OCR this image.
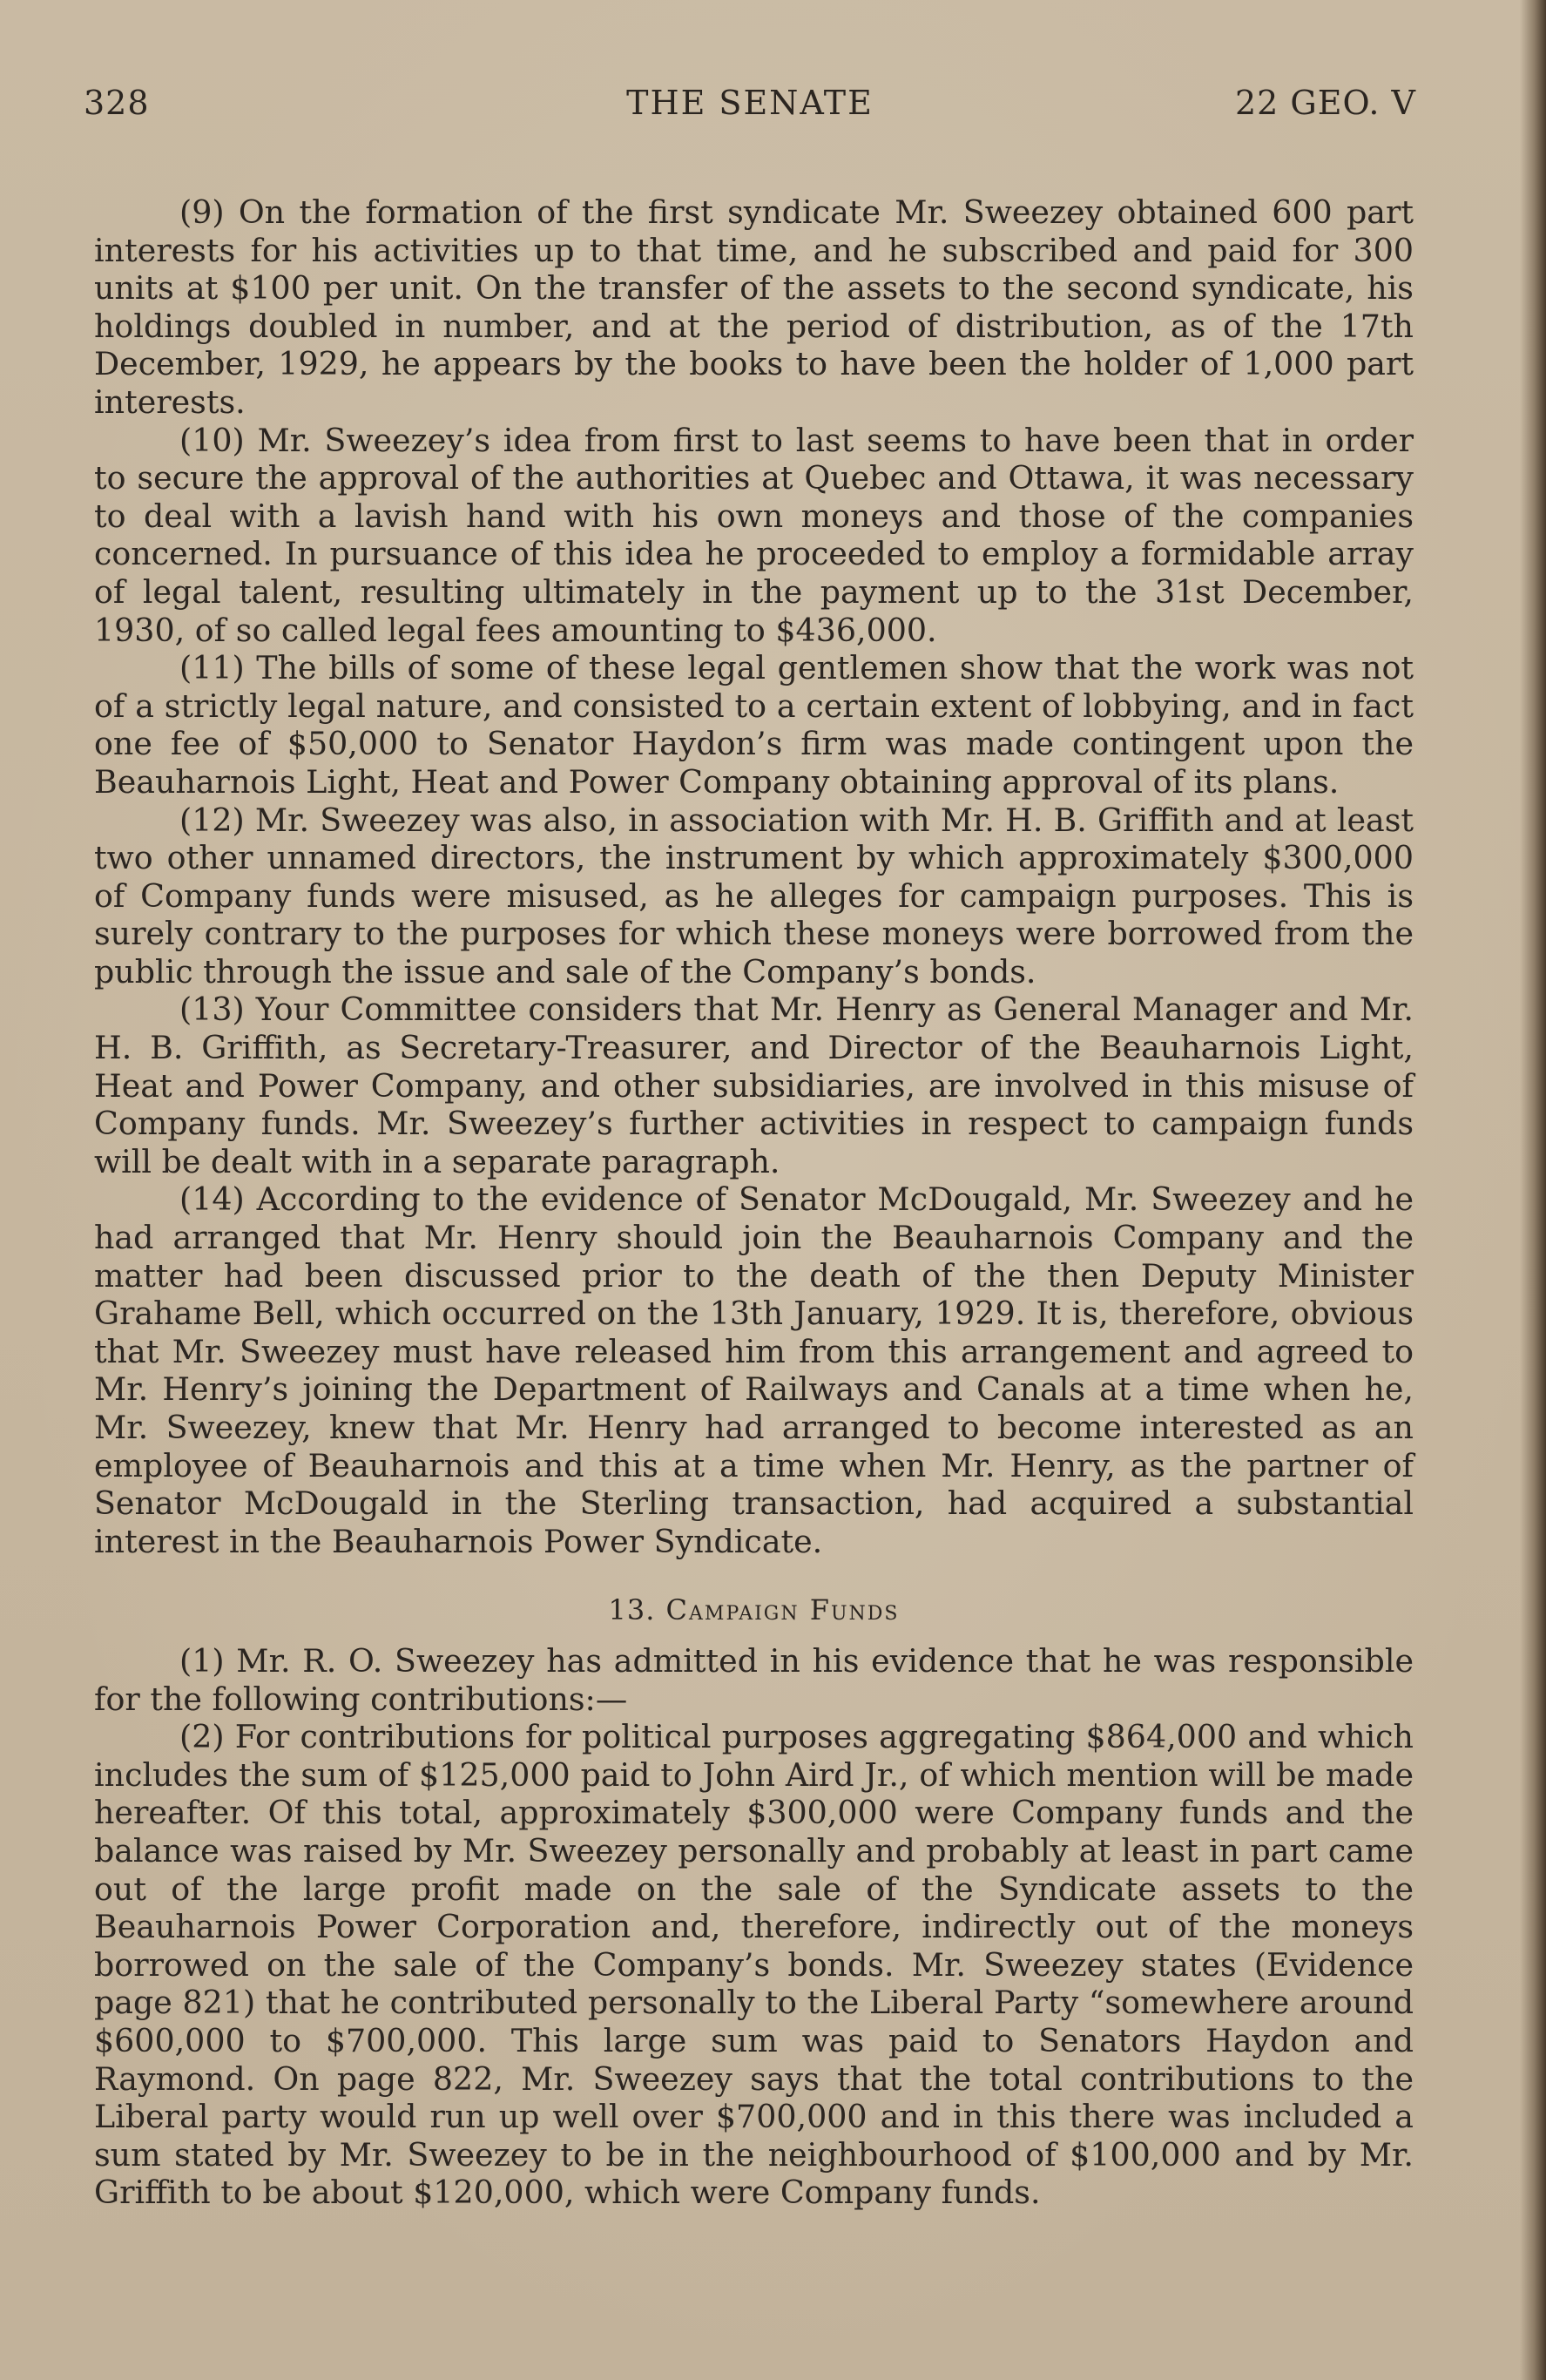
328	THE SENATE	22 GEO. V

(9) On the formation of the first syndicate Mr. Sweezey obtained 600 part interests for his activities up to that time, and he subscribed and paid for 300 units at $100 per unit. On the transfer of the assets to the second syndicate, his holdings doubled in number, and at the period of distribution, as of the 17th December, 1929, he appears by the books to have been the holder of 1,000 part interests.

(10) Mr. Sweezey’s idea from first to last seems to have been that in order to secure the approval of the authorities at Quebec and Ottawa, it was necessary to deal with a lavish hand with his own moneys and those of the companies concerned. In pursuance of this idea he proceeded to employ a formidable array of legal talent, resulting ultimately in the payment up to the 31st December, 1930, of so called legal fees amounting to $436,000.

(11) The bills of some of these legal gentlemen show that the work was not of a strictly legal nature, and consisted to a certain extent of lobbying, and in fact one fee of $50,000 to Senator Haydon’s firm was made contingent upon the Beauharnois Light, Heat and Power Company obtaining approval of its plans.

(12) Mr. Sweezey was also, in association with Mr. H. B. Griffith and at least two other unnamed directors, the instrument by which approximately $300,000 of Company funds were misused, as he alleges for campaign purposes. This is surely contrary to the purposes for which these moneys were borrowed from the public through the issue and sale of the Company’s bonds.

(13) Your Committee considers that Mr. Henry as General Manager and Mr. H. B. Griffith, as Secretary-Treasurer, and Director of the Beauharnois Light, Heat and Power Company, and other subsidiaries, are involved in this misuse of Company funds. Mr. Sweezey’s further activities in respect to campaign funds will be dealt with in a separate paragraph.

(14) According to the evidence of Senator McDougald, Mr. Sweezey and he had arranged that Mr. Henry should join the Beauharnois Company and the matter had been discussed prior to the death of the then Deputy Minister Grahame Bell, which occurred on the 13th January, 1929. It is, therefore, obvious that Mr. Sweezey must have released him from this arrangement and agreed to Mr. Henry’s joining the Department of Railways and Canals at a time when he, Mr. Sweezey, knew that Mr. Henry had arranged to become interested as an employee of Beauharnois and this at a time when Mr. Henry, as the partner of Senator McDougald in the Sterling transaction, had acquired a substantial interest in the Beauharnois Power Syndicate.

13. Campaign Funds

(1) Mr. R. O. Sweezey has admitted in his evidence that he was responsible for the following contributions:—

(2) For contributions for political purposes aggregating $864,000 and which includes the sum of $125,000 paid to John Aird Jr., of which mention will be made hereafter. Of this total, approximately $300,000 were Company funds and the balance was raised by Mr. Sweezey personally and probably at least in part came out of the large profit made on the sale of the Syndicate assets to the Beauharnois Power Corporation and, therefore, indirectly out of the moneys borrowed on the sale of the Company’s bonds. Mr. Sweezey states (Evidence page 821) that he contributed personally to the Liberal Party “somewhere around $600,000 to $700,000. This large sum was paid to Senators Haydon and Raymond. On page 822, Mr. Sweezey says that the total contributions to the Liberal party would run up well over $700,000 and in this there was included a sum stated by Mr. Sweezey to be in the neighbourhood of $100,000 and by Mr. Griffith to be about $120,000, which were Company funds.
